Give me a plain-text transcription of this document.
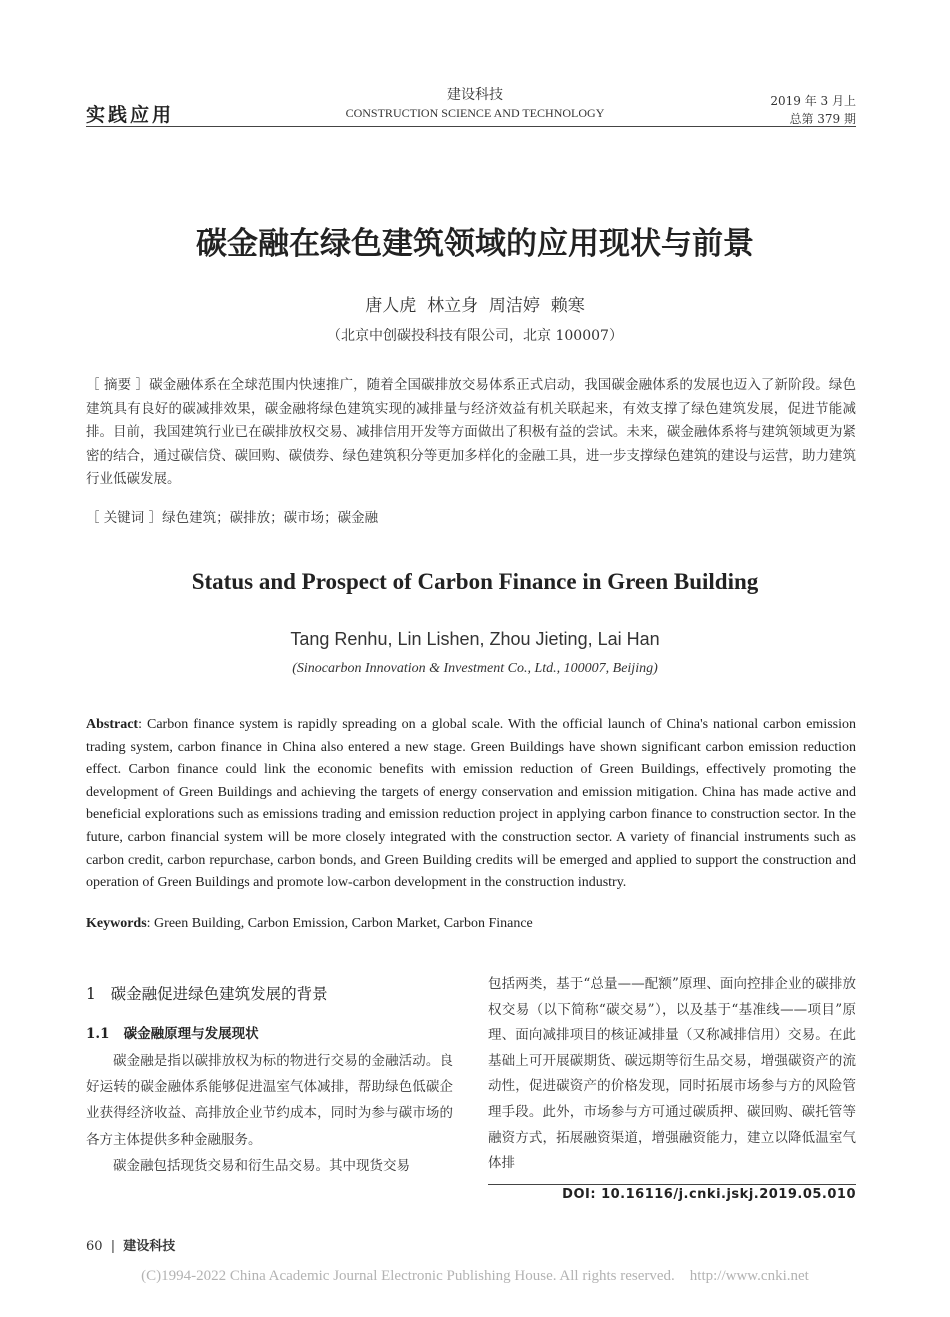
实践应用
建设科技
CONSTRUCTION SCIENCE AND TECHNOLOGY
2019 年 3 月上
总第 379 期
碳金融在绿色建筑领域的应用现状与前景
唐人虎  林立身  周洁婷  赖寒
（北京中创碳投科技有限公司，北京 100007）
［ 摘要 ］碳金融体系在全球范围内快速推广，随着全国碳排放交易体系正式启动，我国碳金融体系的发展也迈入了新阶段。绿色建筑具有良好的碳减排效果，碳金融将绿色建筑实现的减排量与经济效益有机关联起来，有效支撑了绿色建筑发展，促进节能减排。目前，我国建筑行业已在碳排放权交易、减排信用开发等方面做出了积极有益的尝试。未来，碳金融体系将与建筑领域更为紧密的结合，通过碳信贷、碳回购、碳债券、绿色建筑积分等更加多样化的金融工具，进一步支撑绿色建筑的建设与运营，助力建筑行业低碳发展。
［ 关键词 ］绿色建筑；碳排放；碳市场；碳金融
Status and Prospect of Carbon Finance in Green Building
Tang Renhu, Lin Lishen, Zhou Jieting, Lai Han
(Sinocarbon Innovation & Investment Co., Ltd., 100007, Beijing)
Abstract: Carbon finance system is rapidly spreading on a global scale. With the official launch of China's national carbon emission trading system, carbon finance in China also entered a new stage. Green Buildings have shown significant carbon emission reduction effect. Carbon finance could link the economic benefits with emission reduction of Green Buildings, effectively promoting the development of Green Buildings and achieving the targets of energy conservation and emission mitigation. China has made active and beneficial explorations such as emissions trading and emission reduction project in applying carbon finance to construction sector. In the future, carbon financial system will be more closely integrated with the construction sector. A variety of financial instruments such as carbon credit, carbon repurchase, carbon bonds, and Green Building credits will be emerged and applied to support the construction and operation of Green Buildings and promote low-carbon development in the construction industry.
Keywords: Green Building, Carbon Emission, Carbon Market, Carbon Finance
1   碳金融促进绿色建筑发展的背景
1.1   碳金融原理与发展现状
碳金融是指以碳排放权为标的物进行交易的金融活动。良好运转的碳金融体系能够促进温室气体减排，帮助绿色低碳企业获得经济收益、高排放企业节约成本，同时为参与碳市场的各方主体提供多种金融服务。
碳金融包括现货交易和衍生品交易。其中现货交易
包括两类，基于“总量——配额”原理、面向控排企业的碳排放权交易（以下简称“碳交易”），以及基于“基准线——项目”原理、面向减排项目的核证减排量（又称减排信用）交易。在此基础上可开展碳期货、碳远期等衍生品交易，增强碳资产的流动性，促进碳资产的价格发现，同时拓展市场参与方的风险管理手段。此外，市场参与方可通过碳质押、碳回购、碳托管等融资方式，拓展融资渠道，增强融资能力，建立以降低温室气体排
DOI: 10.16116/j.cnki.jskj.2019.05.010
60 | 建设科技
(C)1994-2022 China Academic Journal Electronic Publishing House. All rights reserved.    http://www.cnki.net
